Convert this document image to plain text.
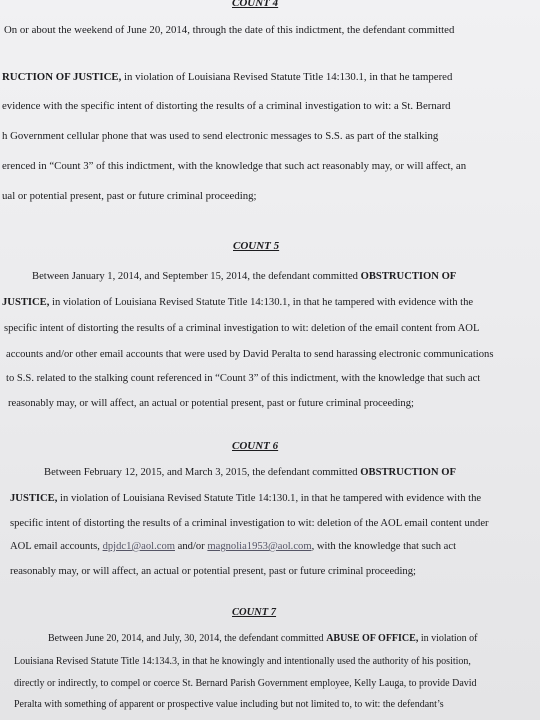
COUNT 4
On or about the weekend of June 20, 2014, through the date of this indictment, the defendant committed
RUCTION OF JUSTICE, in violation of Louisiana Revised Statute Title 14:130.1, in that he tampered
evidence with the specific intent of distorting the results of a criminal investigation to wit: a St. Bernard
h Government cellular phone that was used to send electronic messages to S.S. as part of the stalking
erenced in “Count 3” of this indictment, with the knowledge that such act reasonably may, or will affect, an
ual or potential present, past or future criminal proceeding;
COUNT 5
Between January 1, 2014, and September 15, 2014, the defendant committed OBSTRUCTION OF
JUSTICE, in violation of Louisiana Revised Statute Title 14:130.1, in that he tampered with evidence with the
specific intent of distorting the results of a criminal investigation to wit: deletion of the email content from AOL
accounts and/or other email accounts that were used by David Peralta to send harassing electronic communications
to S.S. related to the stalking count referenced in “Count 3” of this indictment, with the knowledge that such act
reasonably may, or will affect, an actual or potential present, past or future criminal proceeding;
COUNT 6
Between February 12, 2015, and March 3, 2015, the defendant committed OBSTRUCTION OF
JUSTICE, in violation of Louisiana Revised Statute Title 14:130.1, in that he tampered with evidence with the
specific intent of distorting the results of a criminal investigation to wit: deletion of the AOL email content under
AOL email accounts, dpjdc1@aol.com and/or magnolia1953@aol.com, with the knowledge that such act
reasonably may, or will affect, an actual or potential present, past or future criminal proceeding;
COUNT 7
Between June 20, 2014, and July, 30, 2014, the defendant committed ABUSE OF OFFICE, in violation of
Louisiana Revised Statute Title 14:134.3, in that he knowingly and intentionally used the authority of his position,
directly or indirectly, to compel or coerce St. Bernard Parish Government employee, Kelly Lauga, to provide David
Peralta with something of apparent or prospective value including but not limited to, to wit: the defendant’s
